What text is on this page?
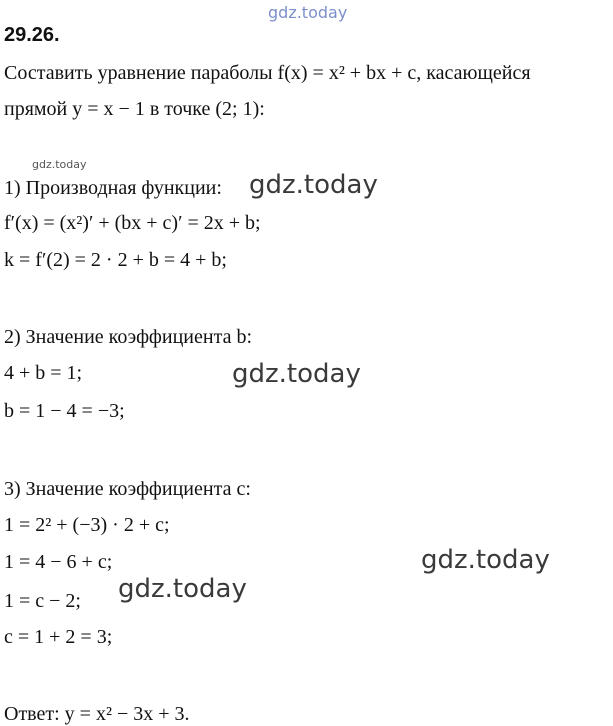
gdz.today
29.26.
Составить уравнение параболы f(x) = x² + bx + c, касающейся
прямой y = x − 1 в точке (2; 1):
gdz.today
1) Производная функции:
f′(x) = (x²)′ + (bx + c)′ = 2x + b;
k = f′(2) = 2 · 2 + b = 4 + b;
2) Значение коэффициента b:
4 + b = 1;
b = 1 − 4 = −3;
3) Значение коэффициента c:
1 = 2² + (−3) · 2 + c;
1 = 4 − 6 + c;
1 = c − 2;
c = 1 + 2 = 3;
Ответ: y = x² − 3x + 3.
gdz.today
gdz.today
gdz.today
gdz.today
